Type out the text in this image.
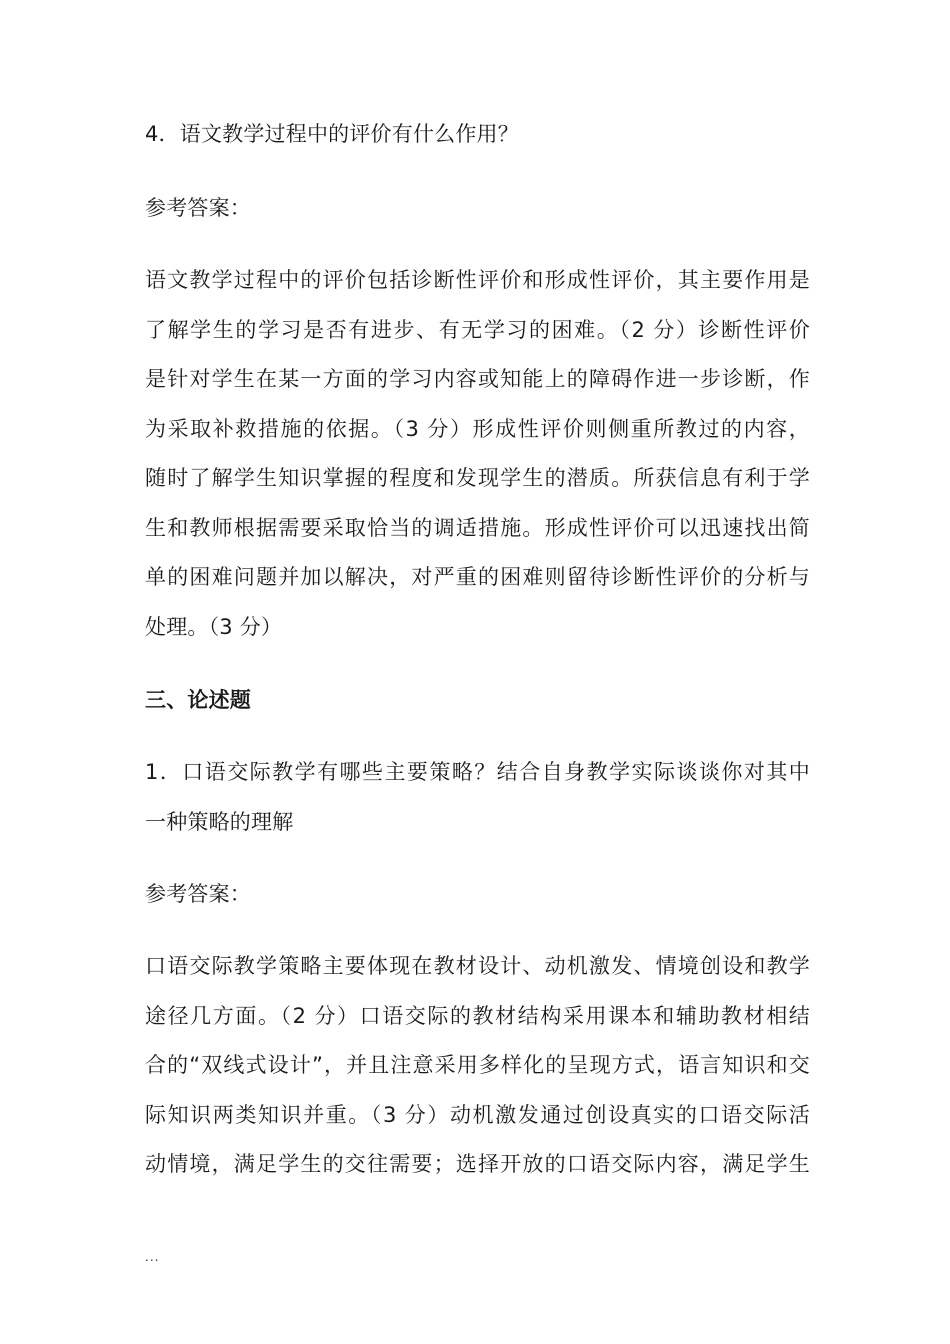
4．语文教学过程中的评价有什么作用？
参考答案：
语文教学过程中的评价包括诊断性评价和形成性评价，其主要作用是
了解学生的学习是否有进步、有无学习的困难。（2 分）诊断性评价
是针对学生在某一方面的学习内容或知能上的障碍作进一步诊断，作
为采取补救措施的依据。（3 分）形成性评价则侧重所教过的内容，
随时了解学生知识掌握的程度和发现学生的潜质。所获信息有利于学
生和教师根据需要采取恰当的调适措施。形成性评价可以迅速找出简
单的困难问题并加以解决，对严重的困难则留待诊断性评价的分析与
处理。（3 分）
三、论述题
1．口语交际教学有哪些主要策略？结合自身教学实际谈谈你对其中
一种策略的理解
参考答案：
口语交际教学策略主要体现在教材设计、动机激发、情境创设和教学
途径几方面。（2 分）口语交际的教材结构采用课本和辅助教材相结
合的“双线式设计”，并且注意采用多样化的呈现方式，语言知识和交
际知识两类知识并重。（3 分）动机激发通过创设真实的口语交际活
动情境，满足学生的交往需要；选择开放的口语交际内容，满足学生
...
